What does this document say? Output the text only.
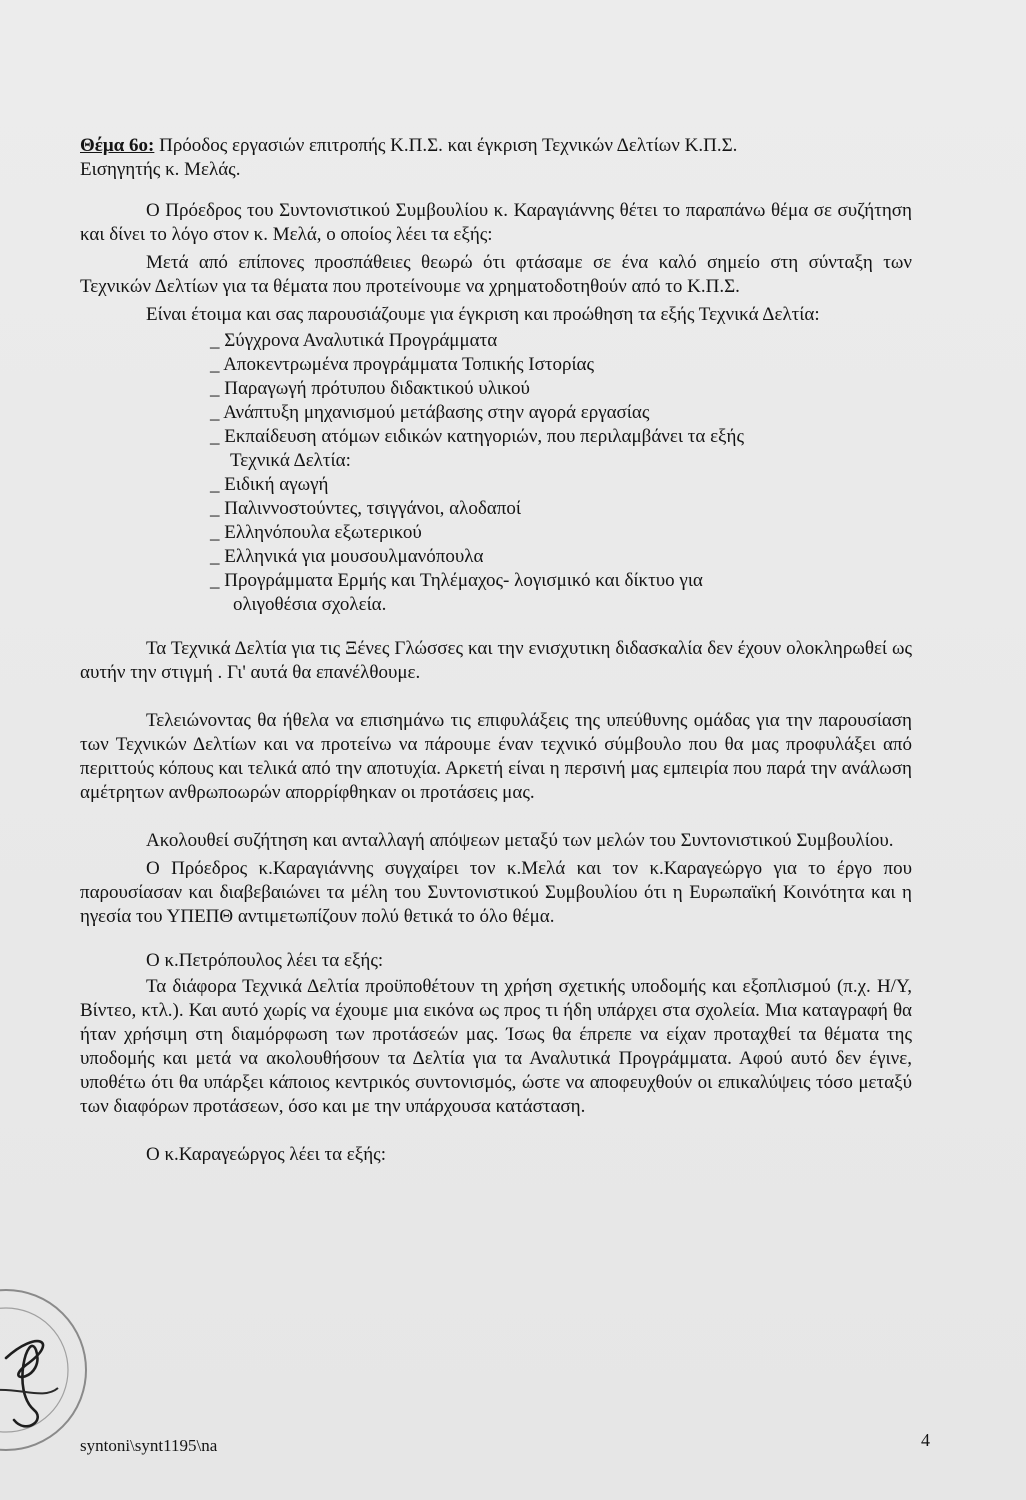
Θέμα 6ο: Πρόοδος εργασιών επιτροπής Κ.Π.Σ. και έγκριση Τεχνικών Δελτίων Κ.Π.Σ.

Εισηγητής κ. Μελάς.

Ο Πρόεδρος του Συντονιστικού Συμβουλίου κ. Καραγιάννης θέτει το παραπάνω θέμα σε συζήτηση και δίνει το λόγο στον κ. Μελά, ο οποίος λέει τα εξής:

Μετά από επίπονες προσπάθειες θεωρώ ότι φτάσαμε σε ένα καλό σημείο στη σύνταξη των Τεχνικών Δελτίων για τα θέματα που προτείνουμε να χρηματοδοτηθούν από το Κ.Π.Σ.

Είναι έτοιμα και σας παρουσιάζουμε για έγκριση και προώθηση τα εξής Τεχνικά Δελτία:

_ Σύγχρονα Αναλυτικά Προγράμματα
_ Αποκεντρωμένα προγράμματα Τοπικής Ιστορίας
_ Παραγωγή πρότυπου διδακτικού υλικού
_ Ανάπτυξη μηχανισμού μετάβασης στην αγορά εργασίας
_ Εκπαίδευση ατόμων ειδικών κατηγοριών, που περιλαμβάνει τα εξής
Τεχνικά Δελτία:
_ Ειδική αγωγή
_ Παλιννοστούντες, τσιγγάνοι, αλοδαποί
_ Ελληνόπουλα εξωτερικού
_ Ελληνικά για μουσουλμανόπουλα
_ Προγράμματα Ερμής και Τηλέμαχος- λογισμικό και δίκτυο για
ολιγοθέσια σχολεία.

Τα Τεχνικά Δελτία για τις Ξένες Γλώσσες και την ενισχυτικη διδασκαλία δεν έχουν ολοκληρωθεί ως αυτήν την στιγμή . Γι' αυτά θα επανέλθουμε.

Τελειώνοντας θα ήθελα να επισημάνω τις επιφυλάξεις της υπεύθυνης ομάδας για την παρουσίαση των Τεχνικών Δελτίων και να προτείνω να πάρουμε έναν τεχνικό σύμβουλο που θα μας προφυλάξει από περιττούς κόπους και τελικά από την αποτυχία. Αρκετή είναι η περσινή μας εμπειρία που παρά την ανάλωση αμέτρητων ανθρωποωρών απορρίφθηκαν οι προτάσεις μας.

Ακολουθεί συζήτηση και ανταλλαγή απόψεων μεταξύ των μελών του Συντονιστικού Συμβουλίου.

Ο Πρόεδρος κ.Καραγιάννης συγχαίρει τον κ.Μελά και τον κ.Καραγεώργο για το έργο που παρουσίασαν και διαβεβαιώνει τα μέλη του Συντονιστικού Συμβουλίου ότι η Ευρωπαϊκή Κοινότητα και η ηγεσία του ΥΠΕΠΘ αντιμετωπίζουν πολύ θετικά το όλο θέμα.

Ο κ.Πετρόπουλος λέει τα εξής:

Τα διάφορα Τεχνικά Δελτία προϋποθέτουν τη χρήση σχετικής υποδομής και εξοπλισμού (π.χ. Η/Υ, Βίντεο, κτλ.). Και αυτό χωρίς να έχουμε μια εικόνα ως προς τι ήδη υπάρχει στα σχολεία. Μια καταγραφή θα ήταν χρήσιμη στη διαμόρφωση των προτάσεών μας. Ίσως θα έπρεπε να είχαν προταχθεί τα θέματα της υποδομής και μετά να ακολουθήσουν τα Δελτία για τα Αναλυτικά Προγράμματα. Αφού αυτό δεν έγινε, υποθέτω ότι θα υπάρξει κάποιος κεντρικός συντονισμός, ώστε να αποφευχθούν οι επικαλύψεις τόσο μεταξύ των διαφόρων προτάσεων, όσο και με την υπάρχουσα κατάσταση.

Ο κ.Καραγεώργος λέει τα εξής:

syntoni\synt1195\na	4
